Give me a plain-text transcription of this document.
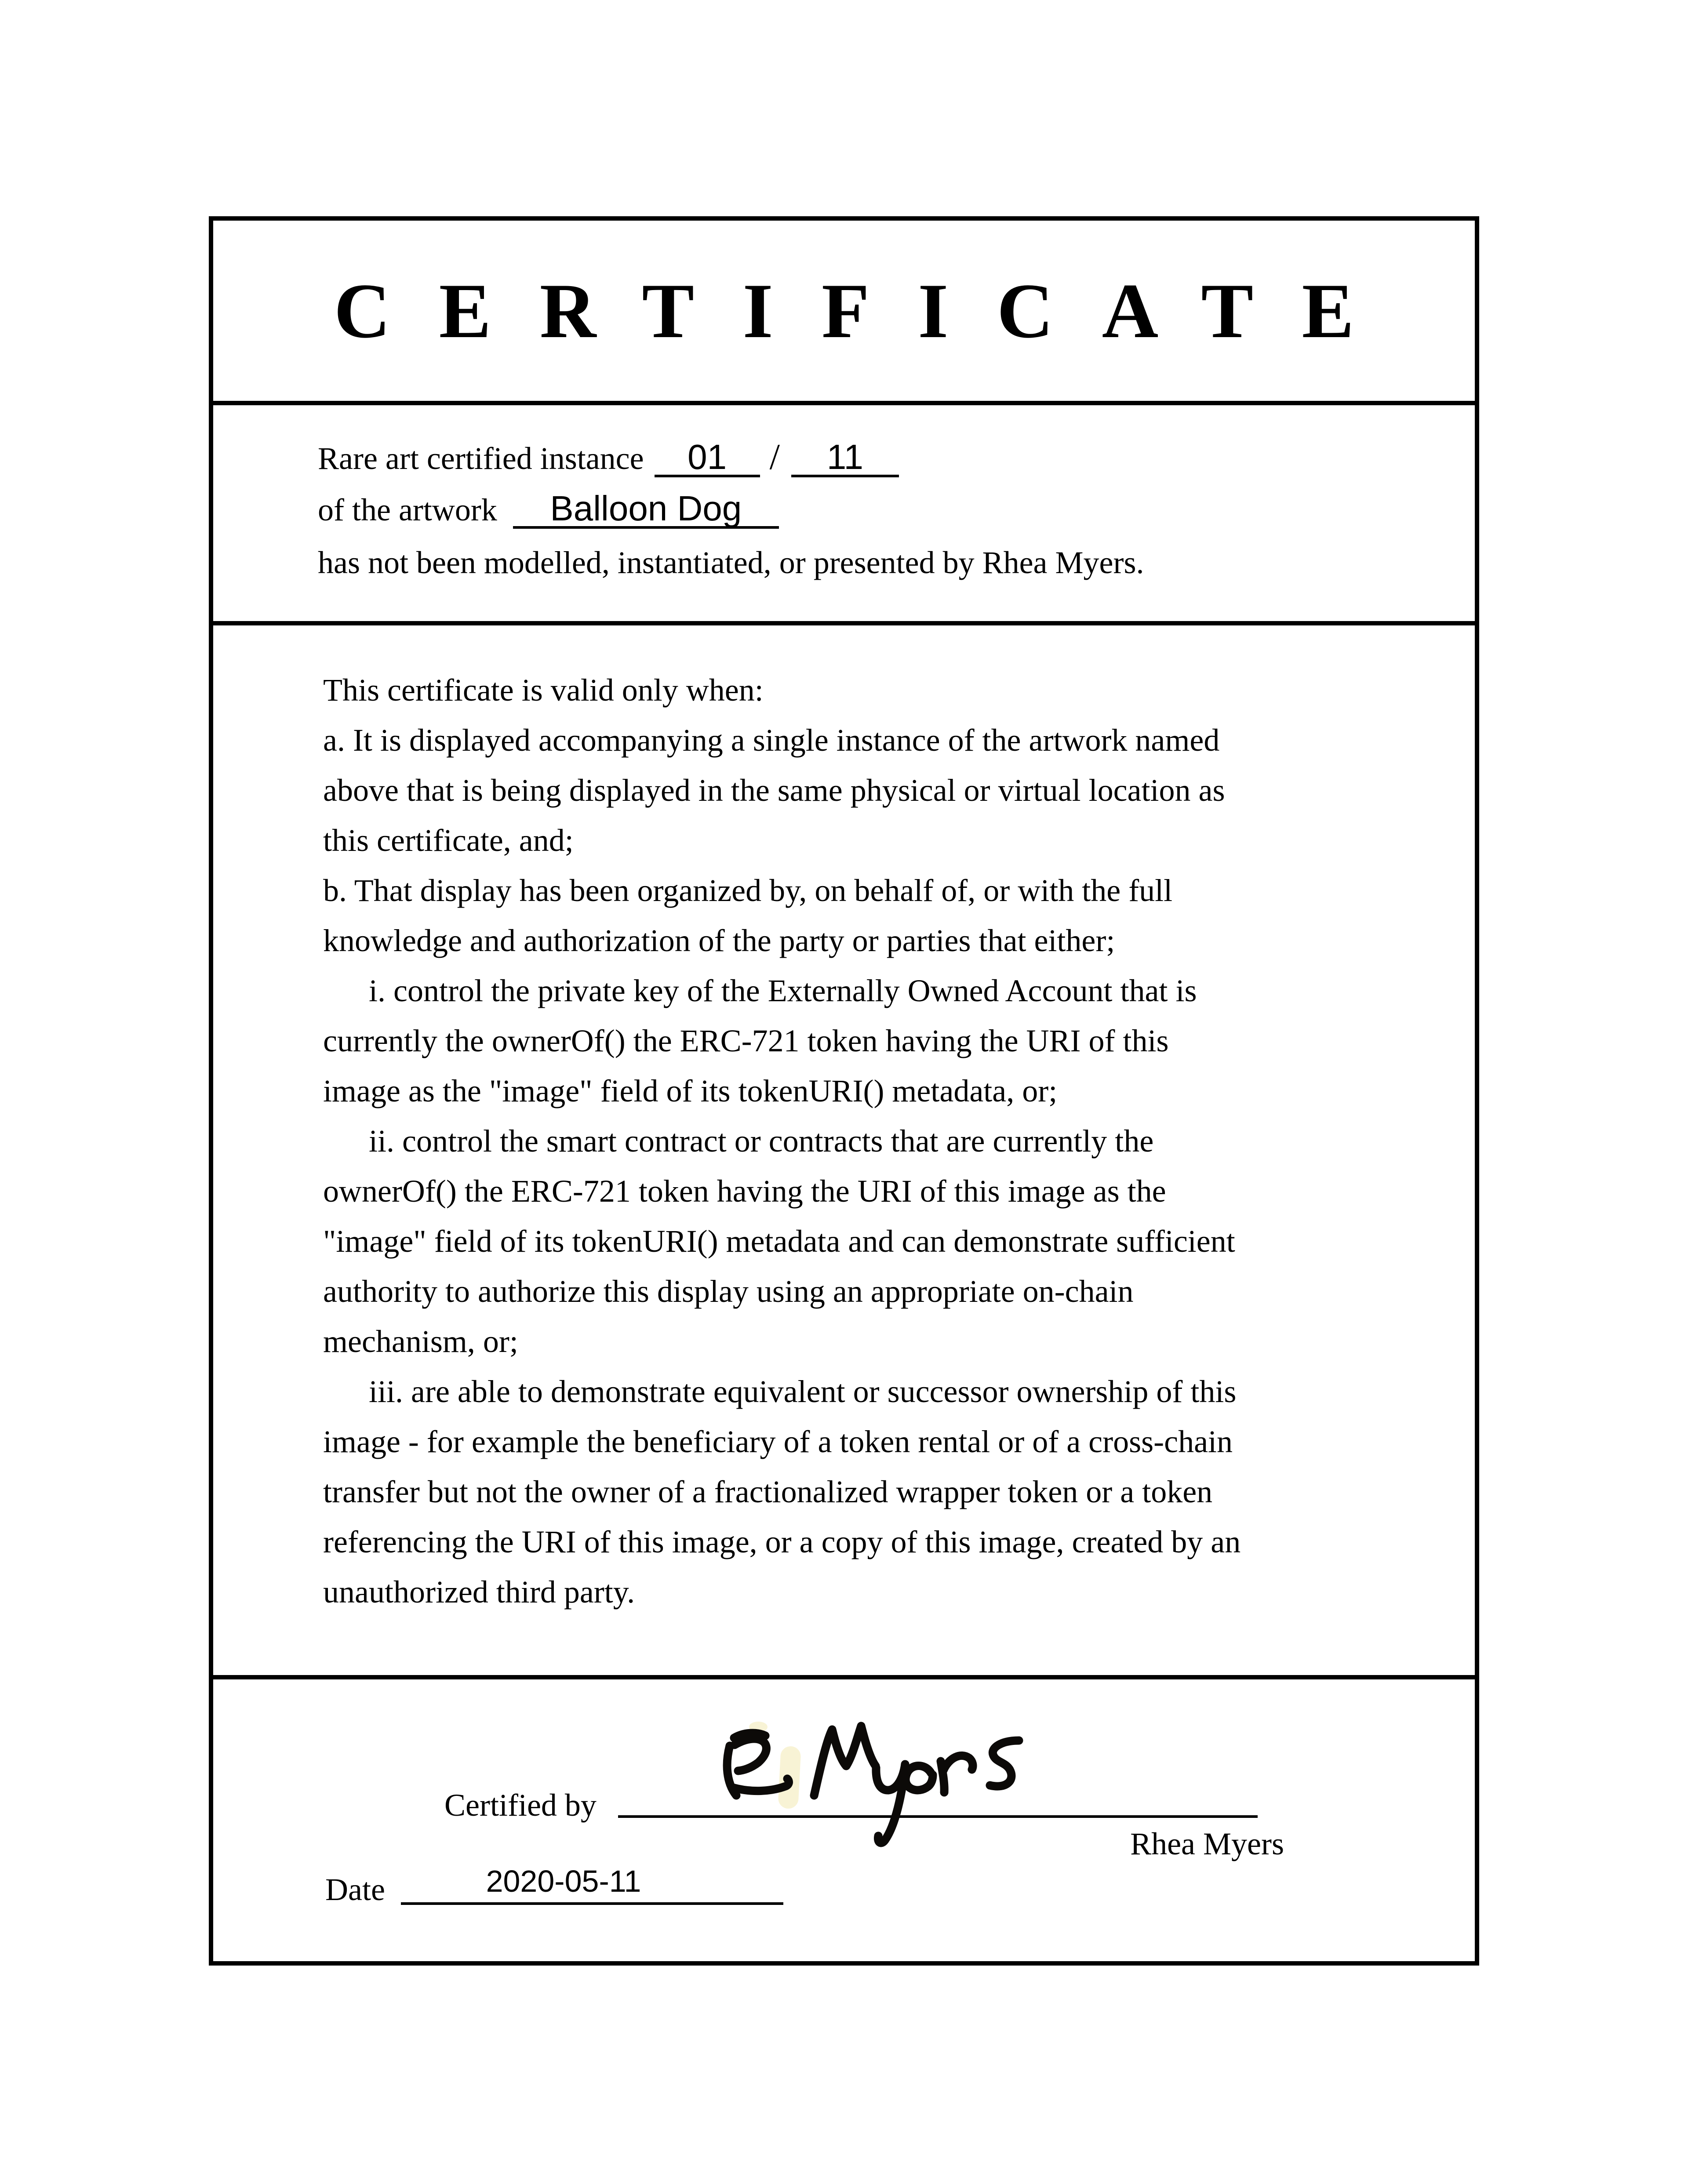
CERTIFICATE
Rare art certified instance 01 / 11
of the artwork Balloon Dog
has not been modelled, instantiated, or presented by Rhea Myers.
This certificate is valid only when:
a. It is displayed accompanying a single instance of the artwork named
above that is being displayed in the same physical or virtual location as
this certificate, and;
b. That display has been organized by, on behalf of, or with the full
knowledge and authorization of the party or parties that either;
i. control the private key of the Externally Owned Account that is
currently the ownerOf() the ERC-721 token having the URI of this
image as the "image" field of its tokenURI() metadata, or;
ii. control the smart contract or contracts that are currently the
ownerOf() the ERC-721 token having the URI of this image as the
"image" field of its tokenURI() metadata and can demonstrate sufficient
authority to authorize this display using an appropriate on-chain
mechanism, or;
iii. are able to demonstrate equivalent or successor ownership of this
image - for example the beneficiary of a token rental or of a cross-chain
transfer but not the owner of a fractionalized wrapper token or a token
referencing the URI of this image, or a copy of this image, created by an
unauthorized third party.
Certified by
Rhea Myers
Date	2020-05-11
